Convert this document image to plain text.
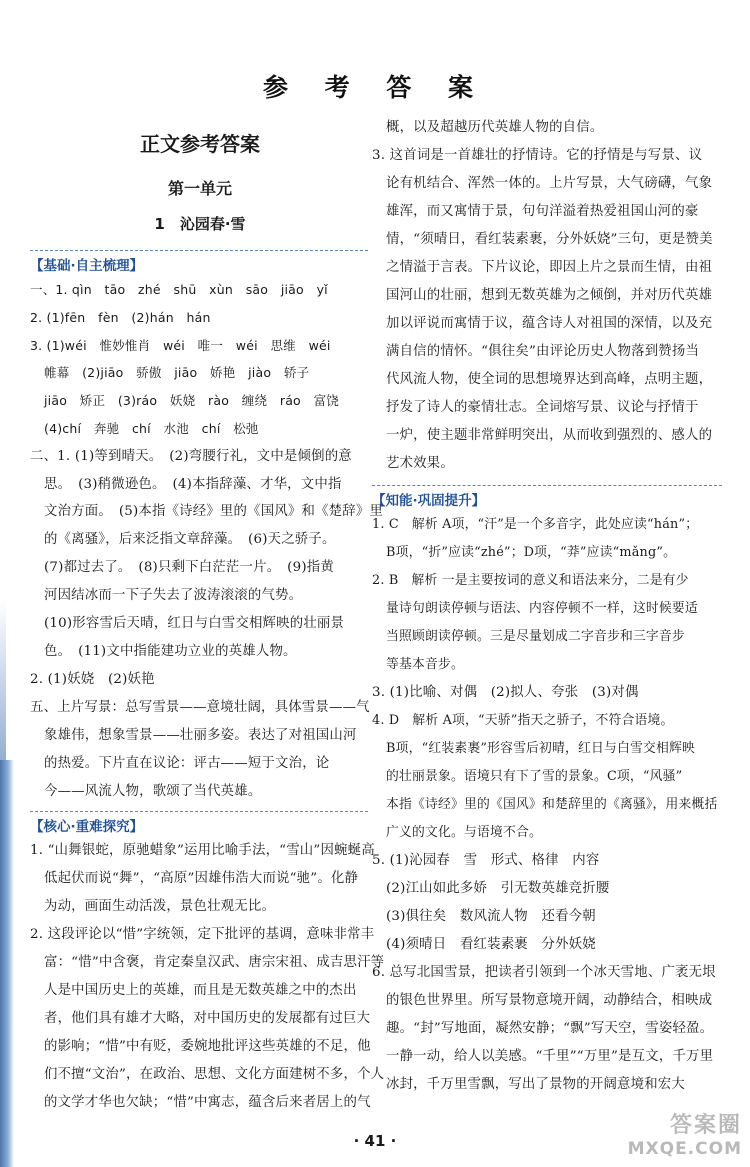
参 考 答 案
正文参考答案
第一单元
1　沁园春·雪
【基础·自主梳理】
一、1. qìn　tāo　zhé　shū　xùn　sāo　jiāo　yǐ
2. (1)fēn　fèn　(2)hán　hán
3. (1)wéi　惟妙惟肖　wéi　唯一　wéi　思维　wéi
帷幕　(2)jiāo　骄傲　jiāo　娇艳　jiào　轿子
jiāo　矫正　(3)ráo　妖娆　rào　缠绕　ráo　富饶
(4)chí　奔驰　chí　水池　chí　松弛
二、1. (1)等到晴天。　(2)弯腰行礼，文中是倾倒的意
思。　(3)稍微逊色。　(4)本指辞藻、才华，文中指
文治方面。　(5)本指《诗经》里的《国风》和《楚辞》里
的《离骚》，后来泛指文章辞藻。　(6)天之骄子。
(7)都过去了。　(8)只剩下白茫茫一片。　(9)指黄
河因结冰而一下子失去了波涛滚滚的气势。
(10)形容雪后天晴，红日与白雪交相辉映的壮丽景
色。　(11)文中指能建功立业的英雄人物。
2. (1)妖娆　(2)妖艳
五、上片写景：总写雪景——意境壮阔，具体雪景——气
象雄伟，想象雪景——壮丽多姿。表达了对祖国山河
的热爱。下片直在议论：评古——短于文治，论
今——风流人物，歌颂了当代英雄。
【核心·重难探究】
1. “山舞银蛇，原驰蜡象”运用比喻手法，“雪山”因蜿蜒高
低起伏而说“舞”，“高原”因雄伟浩大而说“驰”。化静
为动，画面生动活泼，景色壮观无比。
2. 这段评论以“惜”字统领，定下批评的基调，意味非常丰
富：“惜”中含褒，肯定秦皇汉武、唐宗宋祖、成吉思汗等
人是中国历史上的英雄，而且是无数英雄之中的杰出
者，他们具有雄才大略，对中国历史的发展都有过巨大
的影响；“惜”中有贬，委婉地批评这些英雄的不足，他
们不擅“文治”，在政治、思想、文化方面建树不多，个人
的文学才华也欠缺；“惜”中寓志，蕴含后来者居上的气
概，以及超越历代英雄人物的自信。
3. 这首词是一首雄壮的抒情诗。它的抒情是与写景、议
论有机结合、浑然一体的。上片写景，大气磅礴，气象
雄浑，而又寓情于景，句句洋溢着热爱祖国山河的豪
情，“须晴日，看红装素裹，分外妖娆”三句，更是赞美
之情溢于言表。下片议论，即因上片之景而生情，由祖
国河山的壮丽，想到无数英雄为之倾倒，并对历代英雄
加以评说而寓情于议，蕴含诗人对祖国的深情，以及充
满自信的情怀。“俱往矣”由评论历史人物落到赞扬当
代风流人物，使全词的思想境界达到高峰，点明主题，
抒发了诗人的豪情壮志。全词熔写景、议论与抒情于
一炉，使主题非常鲜明突出，从而收到强烈的、感人的
艺术效果。
【知能·巩固提升】
1. C　解析 A项，“汗”是一个多音字，此处应读“hán”；
B项，“折”应读“zhé”；D项，“莽”应读“mǎng”。
2. B　解析 一是主要按词的意义和语法来分，二是有少
量诗句朗读停顿与语法、内容停顿不一样，这时候要适
当照顾朗读停顿。三是尽量划成二字音步和三字音步
等基本音步。
3. (1)比喻、对偶　(2)拟人、夸张　(3)对偶
4. D　解析 A项，“天骄”指天之骄子，不符合语境。
B项，“红装素裹”形容雪后初晴，红日与白雪交相辉映
的壮丽景象。语境只有下了雪的景象。C项，“风骚”
本指《诗经》里的《国风》和楚辞里的《离骚》，用来概括
广义的文化。与语境不合。
5. (1)沁园春　雪　形式、格律　内容
(2)江山如此多娇　引无数英雄竞折腰
(3)俱往矣　数风流人物　还看今朝
(4)须晴日　看红装素裹　分外妖娆
6. 总写北国雪景，把读者引领到一个冰天雪地、广袤无垠
的银色世界里。所写景物意境开阔，动静结合，相映成
趣。“封”写地面，凝然安静；“飘”写天空，雪姿轻盈。
一静一动，给人以美感。“千里”“万里”是互文，千万里
冰封，千万里雪飘，写出了景物的开阔意境和宏大
· 41 ·
答案圈
MXQE.COM
